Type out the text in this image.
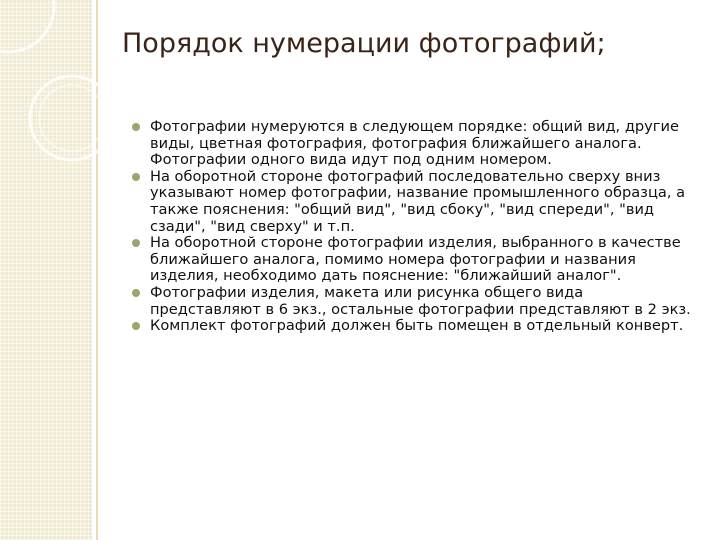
Порядок нумерации фотографий;
Фотографии нумеруются в следующем порядке: общий вид, другие виды, цветная фотография, фотография ближайшего аналога. Фотографии одного вида идут под одним номером.
На оборотной стороне фотографий последовательно сверху вниз указывают номер фотографии, название промышленного образца, а также пояснения: "общий вид", "вид сбоку", "вид спереди", "вид сзади", "вид сверху" и т.п.
На оборотной стороне фотографии изделия, выбранного в качестве ближайшего аналога, помимо номера фотографии и названия изделия, необходимо дать пояснение: "ближайший аналог".
Фотографии изделия, макета или рисунка общего вида представляют в 6 экз., остальные фотографии представляют в 2 экз.
Комплект фотографий должен быть помещен в отдельный конверт.
